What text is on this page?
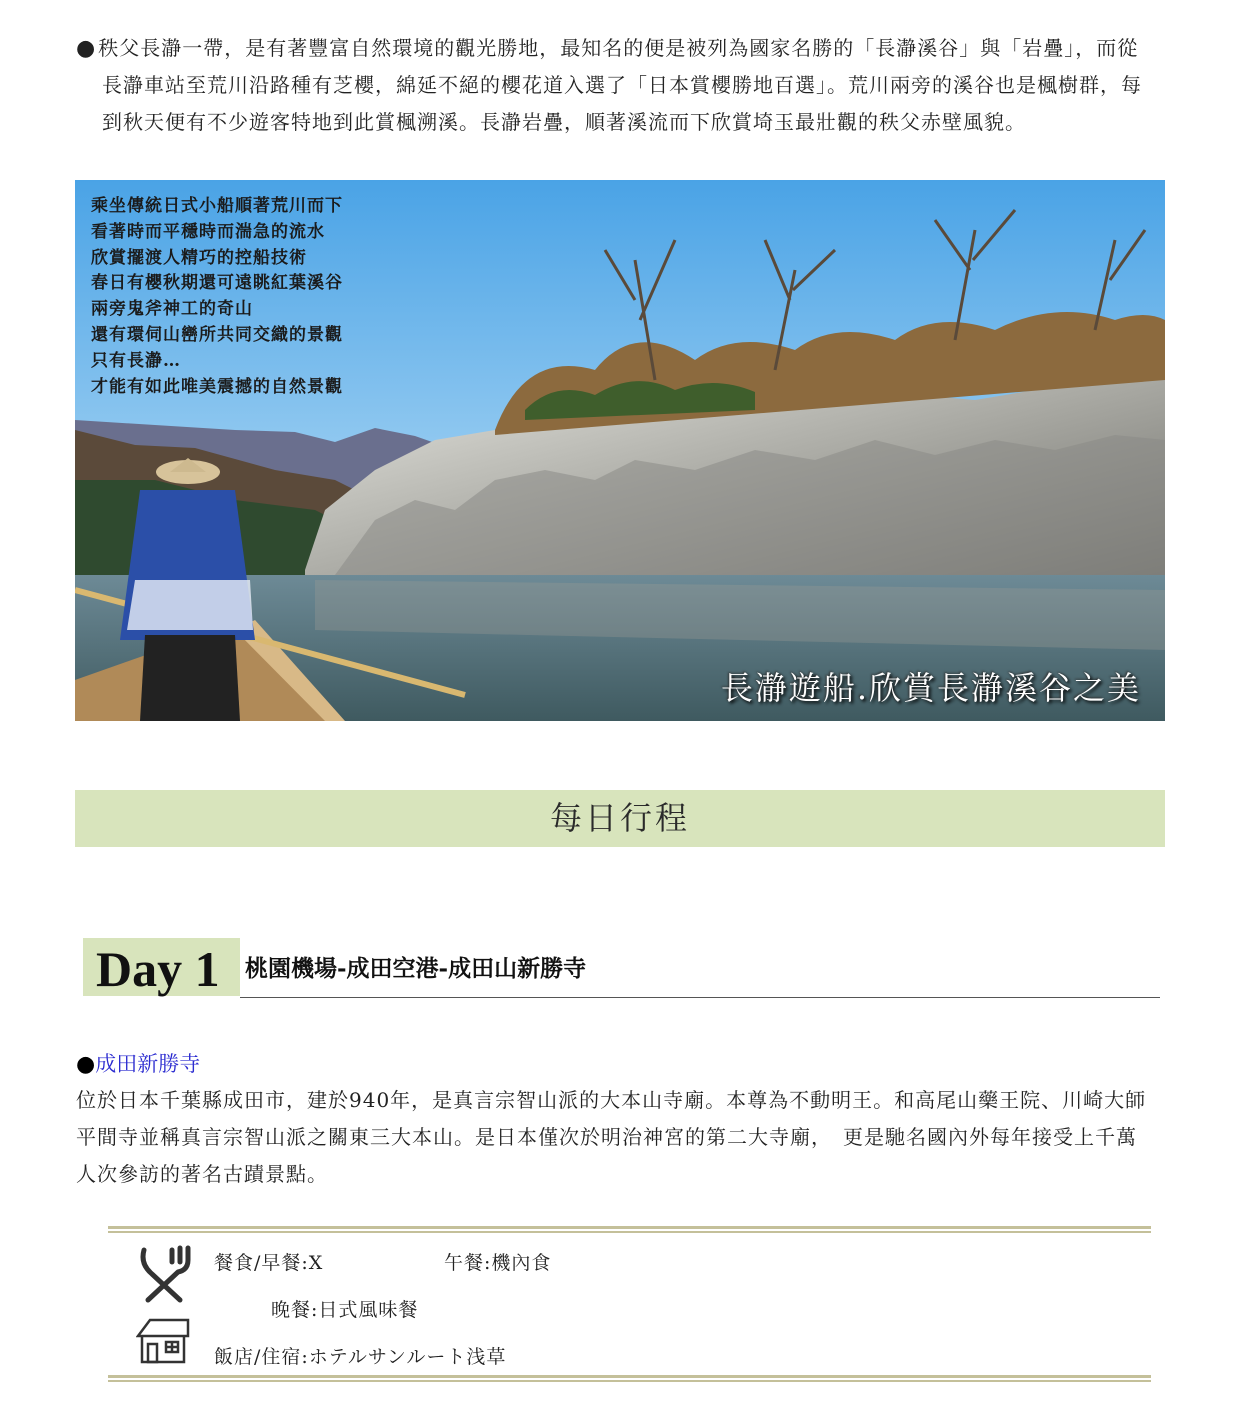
● 秩父長瀞一帶，是有著豐富自然環境的觀光勝地，最知名的便是被列為國家名勝的「長瀞溪谷」與「岩疊」，而從長瀞車站至荒川沿路種有芝櫻，綿延不絕的櫻花道入選了「日本賞櫻勝地百選」。荒川兩旁的溪谷也是楓樹群，每到秋天便有不少遊客特地到此賞楓溯溪。長瀞岩疊，順著溪流而下欣賞埼玉最壯觀的秩父赤壁風貌。

乘坐傳統日式小船順著荒川而下
看著時而平穩時而湍急的流水
欣賞擺渡人精巧的控船技術
春日有櫻秋期還可遠眺紅葉溪谷
兩旁鬼斧神工的奇山
還有環伺山巒所共同交織的景觀
只有長瀞…
才能有如此唯美震撼的自然景觀
長瀞遊船.欣賞長瀞溪谷之美
每日行程
Day 1	桃園機場-成田空港-成田山新勝寺
●成田新勝寺

位於日本千葉縣成田市，建於940年，是真言宗智山派的大本山寺廟。本尊為不動明王。和高尾山藥王院、川崎大師平間寺並稱真言宗智山派之關東三大本山。是日本僅次於明治神宮的第二大寺廟，　更是馳名國內外每年接受上千萬人次參訪的著名古蹟景點。

餐食/早餐:X	午餐:機內食
晚餐:日式風味餐
飯店/住宿:ホテルサンルート浅草
